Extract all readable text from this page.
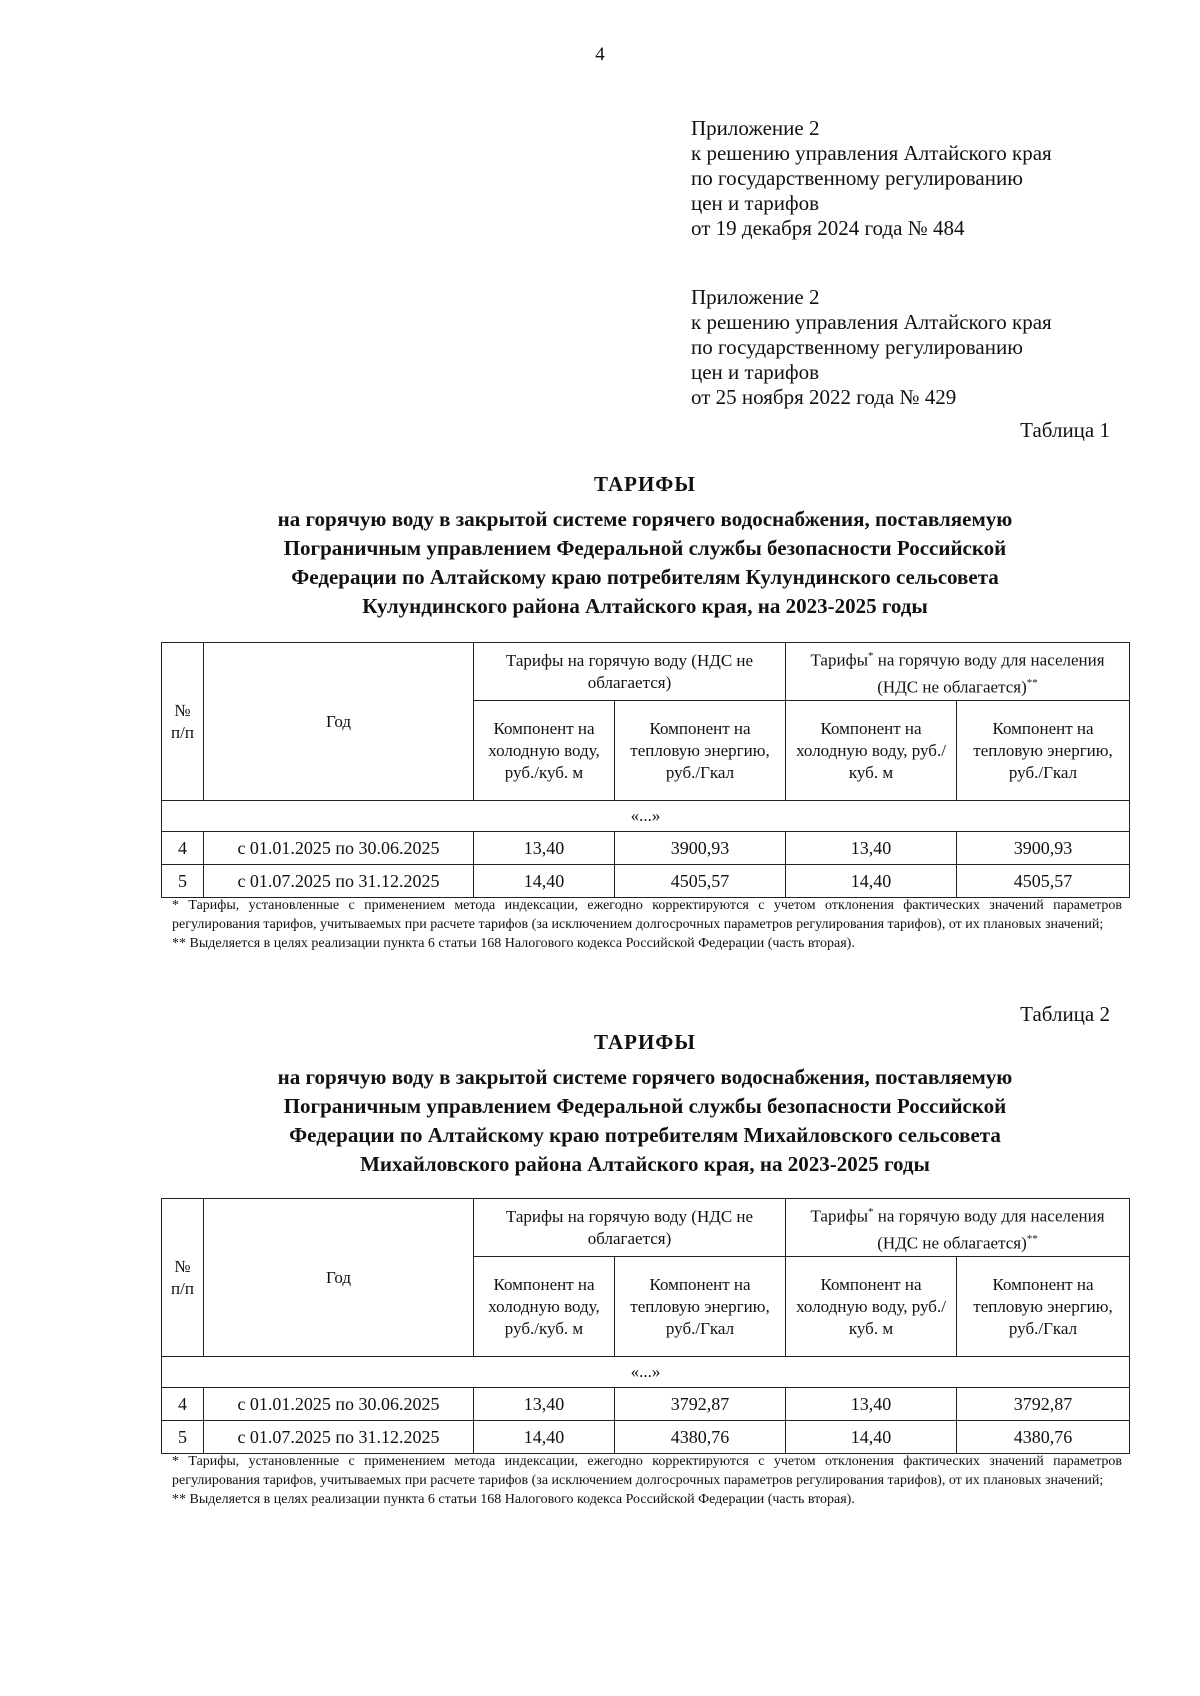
4
Приложение 2
к решению управления Алтайского края
по государственному регулированию
цен и тарифов
от 19 декабря 2024 года № 484
Приложение 2
к решению управления Алтайского края
по государственному регулированию
цен и тарифов
от 25 ноября 2022 года № 429
Таблица 1
ТАРИФЫ
на горячую воду в закрытой системе горячего водоснабжения, поставляемую
Пограничным управлением Федеральной службы безопасности Российской
Федерации по Алтайскому краю потребителям Кулундинского сельсовета
Кулундинского района Алтайского края, на 2023-2025 годы
№ п/п	Год	Тарифы на горячую воду (НДС не облагается)		Тарифы* на горячую воду для населения (НДС не облагается)**
		Компонент на холодную воду, руб./куб. м	Компонент на тепловую энергию, руб./Гкал	Компонент на холодную воду, руб./куб. м	Компонент на тепловую энергию, руб./Гкал
«...»					
4	с 01.01.2025 по 30.06.2025	13,40	3900,93	13,40	3900,93
5	с 01.07.2025 по 31.12.2025	14,40	4505,57	14,40	4505,57

* Тарифы, установленные с применением метода индексации, ежегодно корректируются с учетом отклонения фактических значений параметров регулирования тарифов, учитываемых при расчете тарифов (за исключением долгосрочных параметров регулирования тарифов), от их плановых значений;

** Выделяется в целях реализации пункта 6 статьи 168 Налогового кодекса Российской Федерации (часть вторая).

Таблица 2
ТАРИФЫ
на горячую воду в закрытой системе горячего водоснабжения, поставляемую
Пограничным управлением Федеральной службы безопасности Российской
Федерации по Алтайскому краю потребителям Михайловского сельсовета
Михайловского района Алтайского края, на 2023-2025 годы
№ п/п	Год	Тарифы на горячую воду (НДС не облагается)		Тарифы* на горячую воду для населения (НДС не облагается)**
		Компонент на холодную воду, руб./куб. м	Компонент на тепловую энергию, руб./Гкал	Компонент на холодную воду, руб./куб. м	Компонент на тепловую энергию, руб./Гкал
«...»					
4	с 01.01.2025 по 30.06.2025	13,40	3792,87	13,40	3792,87
5	с 01.07.2025 по 31.12.2025	14,40	4380,76	14,40	4380,76

* Тарифы, установленные с применением метода индексации, ежегодно корректируются с учетом отклонения фактических значений параметров регулирования тарифов, учитываемых при расчете тарифов (за исключением долгосрочных параметров регулирования тарифов), от их плановых значений;

** Выделяется в целях реализации пункта 6 статьи 168 Налогового кодекса Российской Федерации (часть вторая).
